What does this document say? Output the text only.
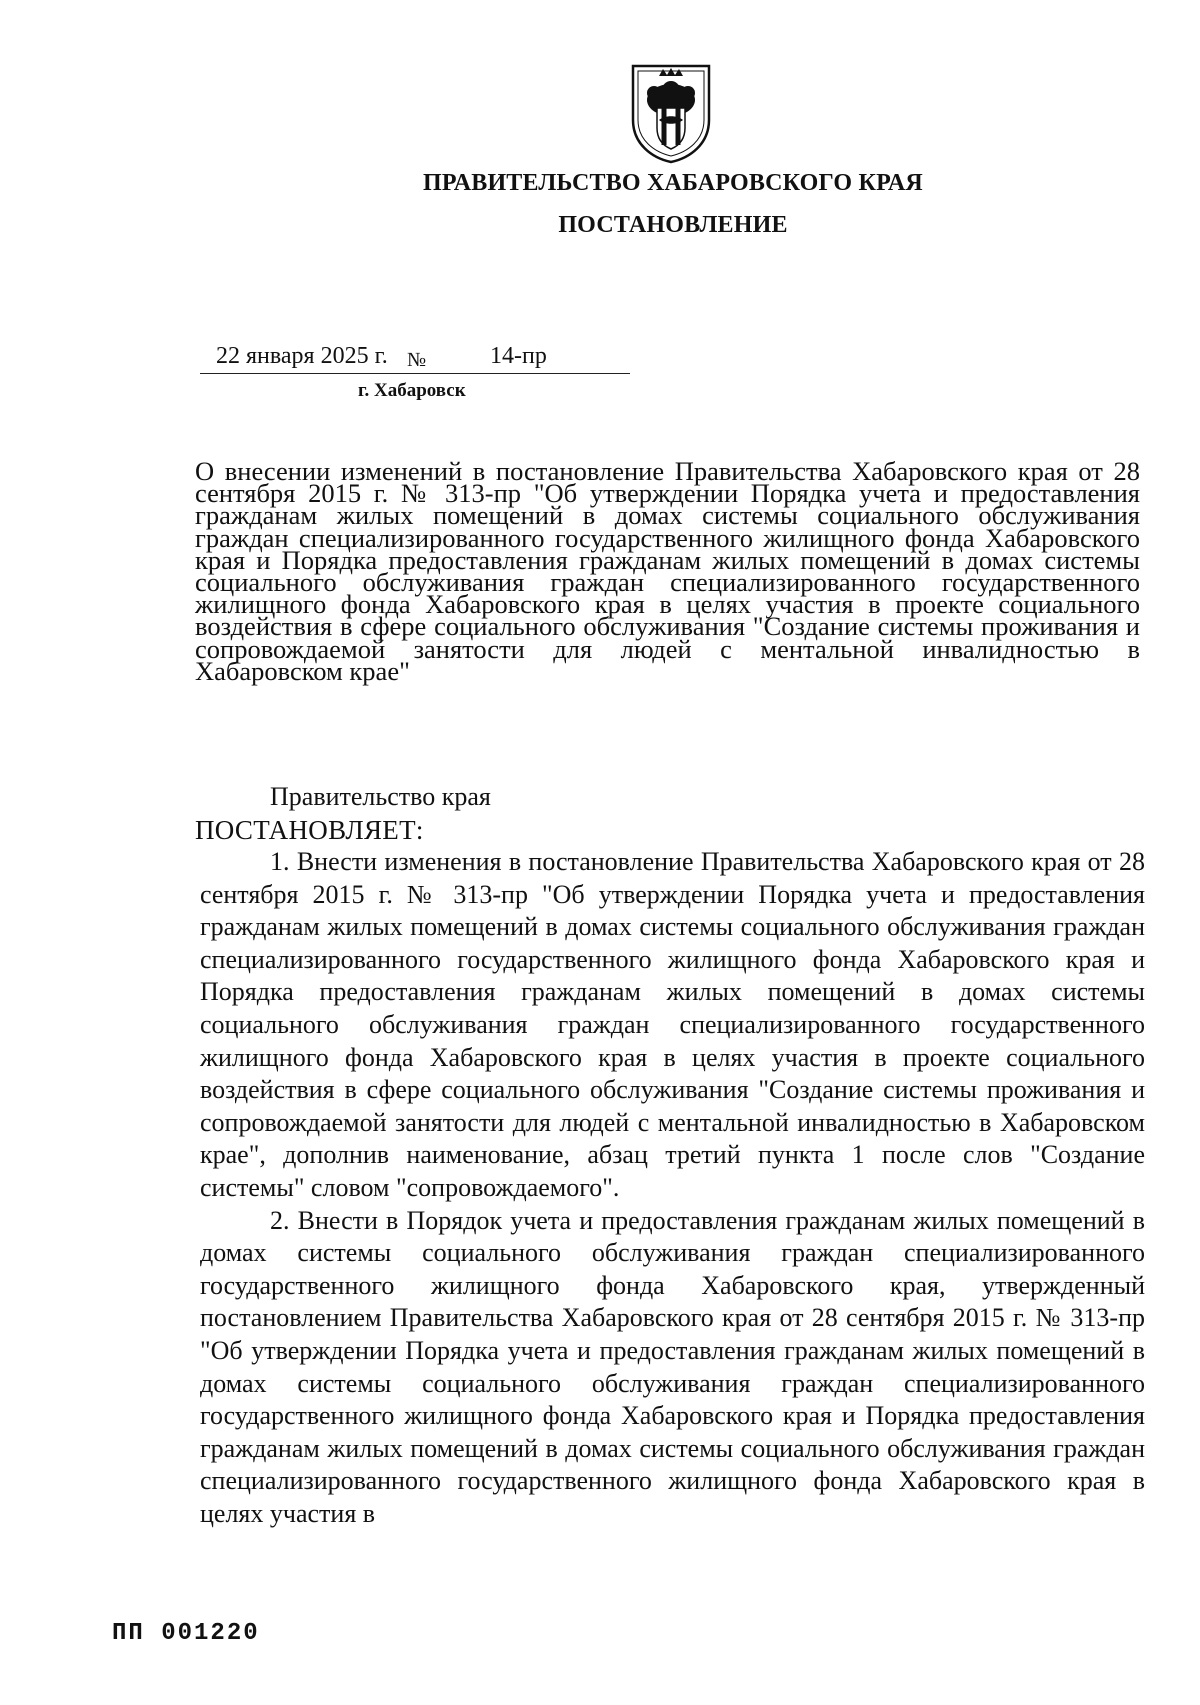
ПРАВИТЕЛЬСТВО ХАБАРОВСКОГО КРАЯ
ПОСТАНОВЛЕНИЕ
22 января 2025 г. №	14-пр
г. Хабаровск
О внесении изменений в постановление Правительства Хабаровского края от 28 сентября 2015 г. № 313-пр "Об утверждении Порядка учета и предоставления гражданам жилых помещений в домах системы социального обслуживания граждан специализированного государственного жилищного фонда Хабаровского края и Порядка предоставления гражданам жилых помещений в домах системы социального обслуживания граждан специализированного государственного жилищного фонда Хабаровского края в целях участия в проекте социального воздействия в сфере социального обслуживания "Создание системы проживания и сопровождаемой занятости для людей с ментальной инвалидностью в Хабаровском крае"
Правительство края
ПОСТАНОВЛЯЕТ:

1. Внести изменения в постановление Правительства Хабаровского края от 28 сентября 2015 г. № 313-пр "Об утверждении Порядка учета и предоставления гражданам жилых помещений в домах системы социального обслуживания граждан специализированного государственного жилищного фонда Хабаровского края и Порядка предоставления гражданам жилых помещений в домах системы социального обслуживания граждан специализированного государственного жилищного фонда Хабаровского края в целях участия в проекте социального воздействия в сфере социального обслуживания "Создание системы проживания и сопровождаемой занятости для людей с ментальной инвалидностью в Хабаровском крае", дополнив наименование, абзац третий пункта 1 после слов "Создание системы" словом "сопровождаемого".

2. Внести в Порядок учета и предоставления гражданам жилых помещений в домах системы социального обслуживания граждан специализированного государственного жилищного фонда Хабаровского края, утвержденный постановлением Правительства Хабаровского края от 28 сентября 2015 г. № 313-пр "Об утверждении Порядка учета и предоставления гражданам жилых помещений в домах системы социального обслуживания граждан специализированного государственного жилищного фонда Хабаровского края и Порядка предоставления гражданам жилых помещений в домах системы социального обслуживания граждан специализированного государственного жилищного фонда Хабаровского края в целях участия в

ПП 001220
